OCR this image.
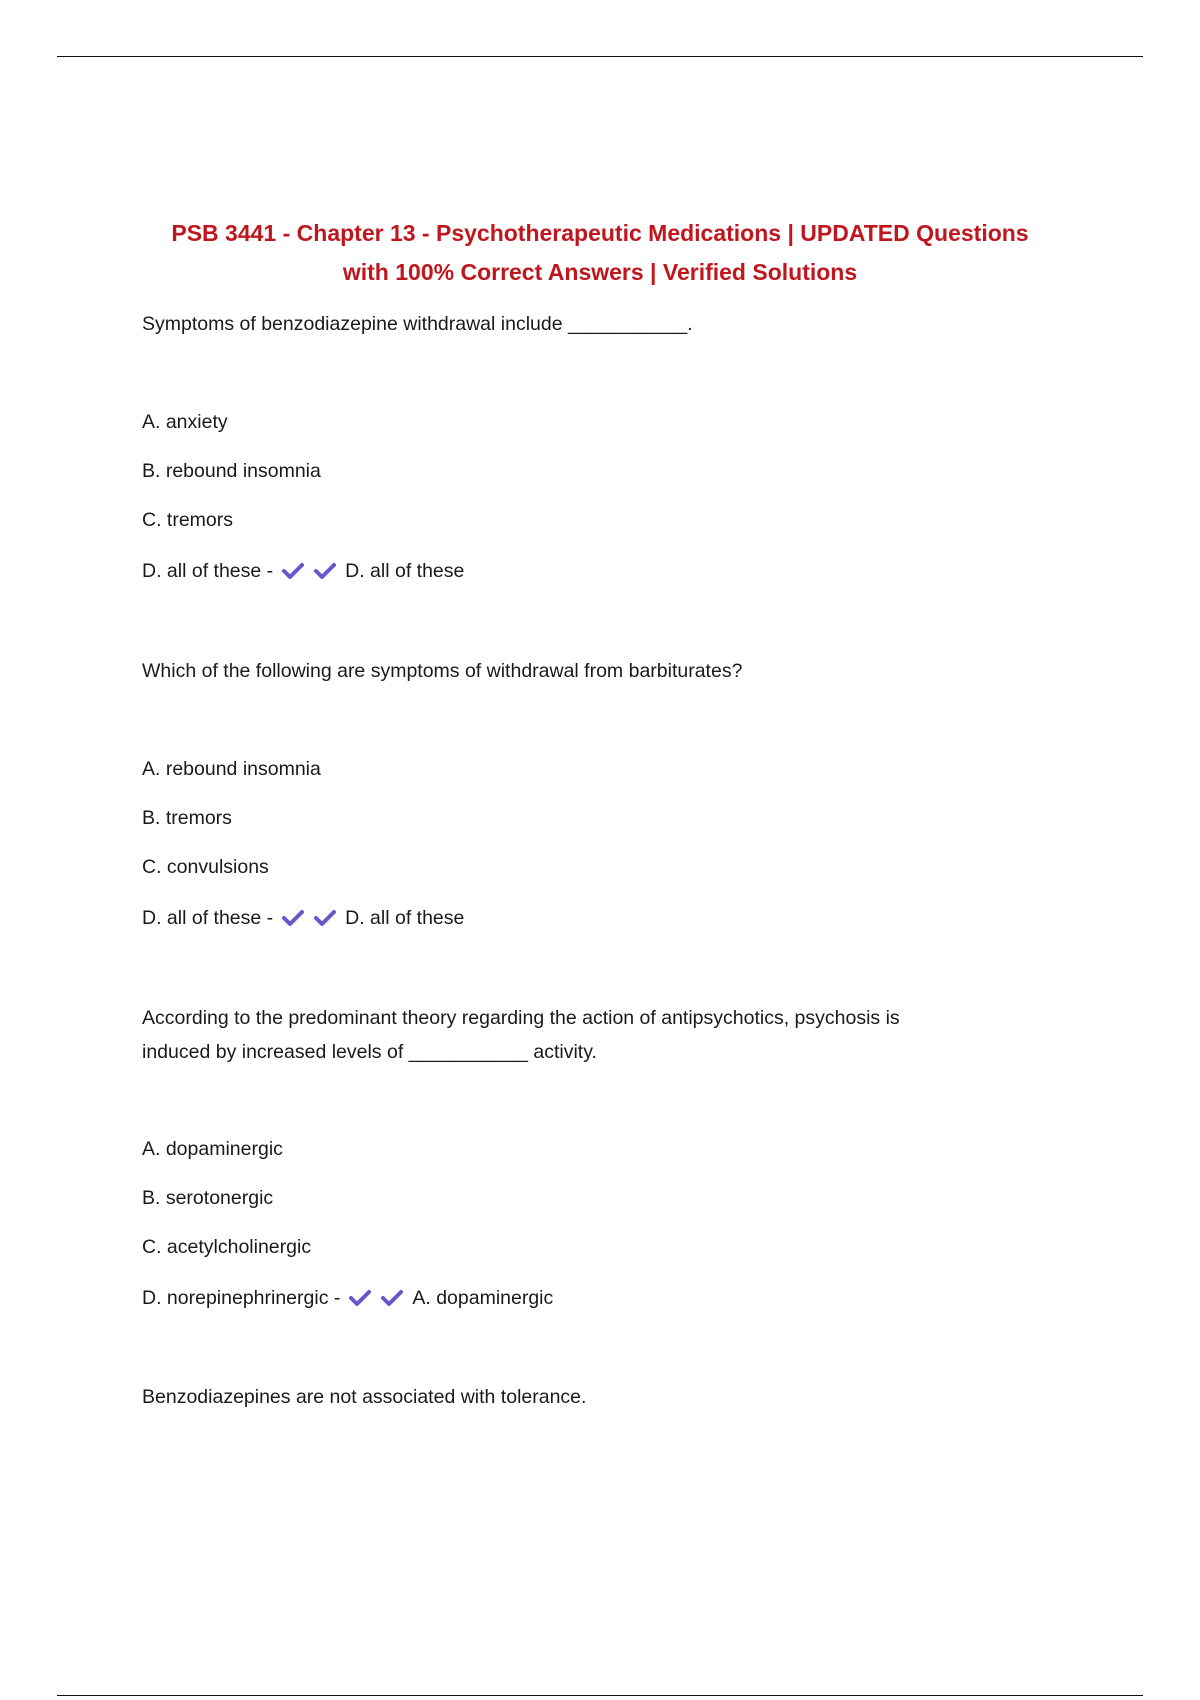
PSB 3441 - Chapter 13 - Psychotherapeutic Medications | UPDATED Questions
with 100% Correct Answers | Verified Solutions
Symptoms of benzodiazepine withdrawal include ___________.
A. anxiety
B. rebound insomnia
C. tremors
D. all of these -	D. all of these
Which of the following are symptoms of withdrawal from barbiturates?
A. rebound insomnia
B. tremors
C. convulsions
D. all of these -	D. all of these
According to the predominant theory regarding the action of antipsychotics, psychosis is
induced by increased levels of ___________ activity.
A. dopaminergic
B. serotonergic
C. acetylcholinergic
D. norepinephrinergic -	A. dopaminergic
Benzodiazepines are not associated with tolerance.
